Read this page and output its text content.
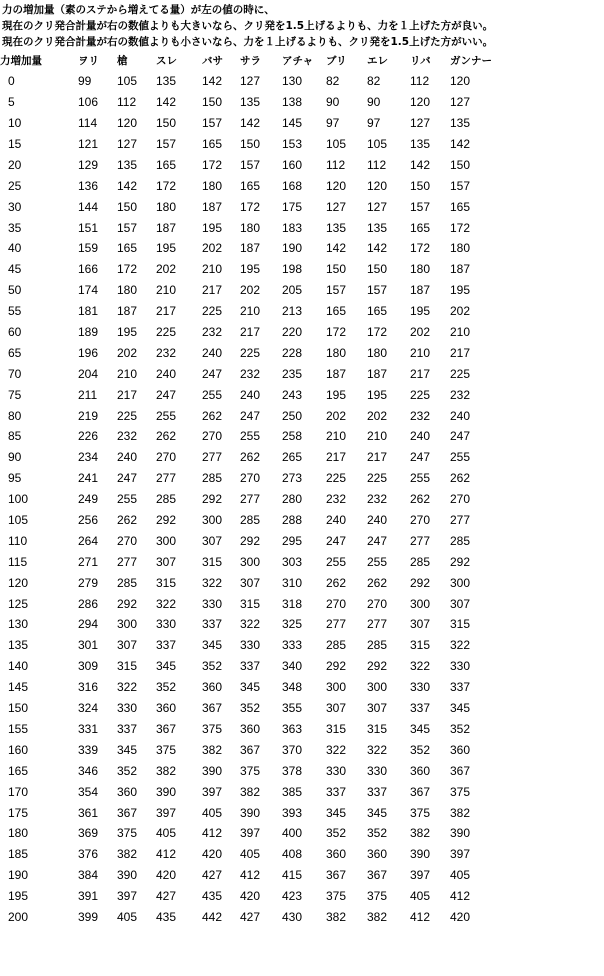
力の増加量（素のステから増えてる量）が左の値の時に、
現在のクリ発合計量が右の数値よりも大きいなら、クリ発を1.5上げるよりも、力を１上げた方が良い。
現在のクリ発合計量が右の数値よりも小さいなら、力を１上げるよりも、クリ発を1.5上げた方がいい。
力増加量	ヲリ	槍	スレ	バサ	サラ	アチャ	ブリ	エレ	リバ	ガンナー
0	99	105	135	142	127	130	82	82	112	120
5	106	112	142	150	135	138	90	90	120	127
10	114	120	150	157	142	145	97	97	127	135
15	121	127	157	165	150	153	105	105	135	142
20	129	135	165	172	157	160	112	112	142	150
25	136	142	172	180	165	168	120	120	150	157
30	144	150	180	187	172	175	127	127	157	165
35	151	157	187	195	180	183	135	135	165	172
40	159	165	195	202	187	190	142	142	172	180
45	166	172	202	210	195	198	150	150	180	187
50	174	180	210	217	202	205	157	157	187	195
55	181	187	217	225	210	213	165	165	195	202
60	189	195	225	232	217	220	172	172	202	210
65	196	202	232	240	225	228	180	180	210	217
70	204	210	240	247	232	235	187	187	217	225
75	211	217	247	255	240	243	195	195	225	232
80	219	225	255	262	247	250	202	202	232	240
85	226	232	262	270	255	258	210	210	240	247
90	234	240	270	277	262	265	217	217	247	255
95	241	247	277	285	270	273	225	225	255	262
100	249	255	285	292	277	280	232	232	262	270
105	256	262	292	300	285	288	240	240	270	277
110	264	270	300	307	292	295	247	247	277	285
115	271	277	307	315	300	303	255	255	285	292
120	279	285	315	322	307	310	262	262	292	300
125	286	292	322	330	315	318	270	270	300	307
130	294	300	330	337	322	325	277	277	307	315
135	301	307	337	345	330	333	285	285	315	322
140	309	315	345	352	337	340	292	292	322	330
145	316	322	352	360	345	348	300	300	330	337
150	324	330	360	367	352	355	307	307	337	345
155	331	337	367	375	360	363	315	315	345	352
160	339	345	375	382	367	370	322	322	352	360
165	346	352	382	390	375	378	330	330	360	367
170	354	360	390	397	382	385	337	337	367	375
175	361	367	397	405	390	393	345	345	375	382
180	369	375	405	412	397	400	352	352	382	390
185	376	382	412	420	405	408	360	360	390	397
190	384	390	420	427	412	415	367	367	397	405
195	391	397	427	435	420	423	375	375	405	412
200	399	405	435	442	427	430	382	382	412	420
